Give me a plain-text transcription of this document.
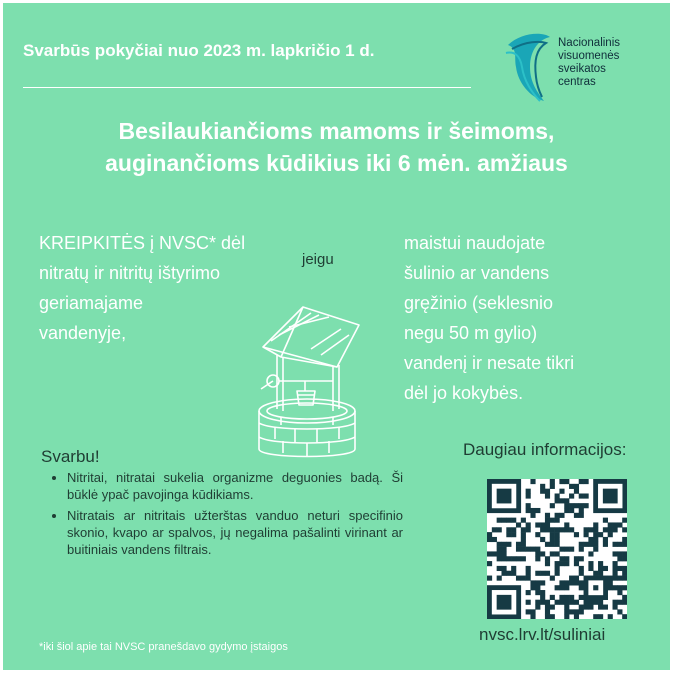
Svarbūs pokyčiai nuo 2023 m. lapkričio 1 d.	Nacionalinis
visuomenės
sveikatos
centras
Besilaukiančioms mamoms ir šeimoms,
auginančioms kūdikius iki 6 mėn. amžiaus
KREIPKITĖS į NVSC* dėl
nitratų ir nitritų ištyrimo
geriamajame
vandenyje,
jeigu
maistui naudojate
šulinio ar vandens
gręžinio (seklesnio
negu 50 m gylio)
vandenį ir nesate tikri
dėl jo kokybės.
Svarbu!
• Nitritai, nitratai sukelia organizme deguonies badą. Ši būklė ypač pavojinga kūdikiams.
• Nitratais ar nitritais užterštas vanduo neturi specifinio skonio, kvapo ar spalvos, jų negalima pašalinti virinant ar buitiniais vandens filtrais.
Daugiau informacijos:
nvsc.lrv.lt/suliniai
*iki šiol apie tai NVSC pranešdavo gydymo įstaigos
